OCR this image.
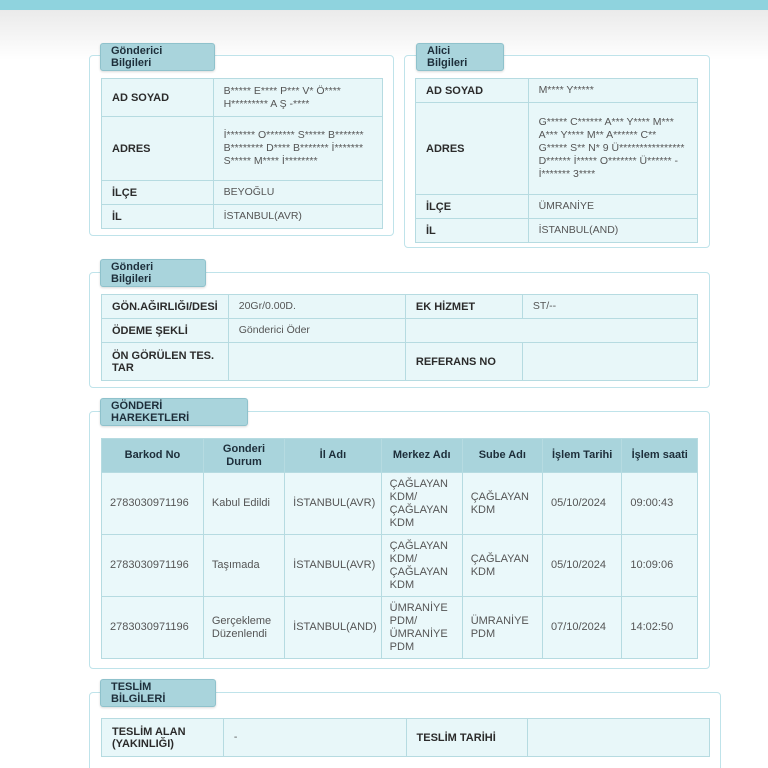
Gönderici Bilgileri
AD SOYAD	B***** E**** P*** V* Ö**** H********* A Ş -****
ADRES	İ******* O******* S***** B******* B******** D**** B******* İ******* S***** M**** İ********
İLÇE	BEYOĞLU
İL	İSTANBUL(AVR)
Alici Bilgileri
AD SOYAD	M**** Y*****
ADRES	G***** C****** A*** Y**** M*** A*** Y**** M** A****** C** G***** S** N* 9 Ü**************** D****** İ***** O******* Ü****** - İ******* 3****
İLÇE	ÜMRANİYE
İL	İSTANBUL(AND)
Gönderi Bilgileri
GÖN.AĞIRLIĞI/DESİ	20Gr/0.00D.	EK HİZMET	ST/--
ÖDEME ŞEKLİ	Gönderici Öder		
ÖN GÖRÜLEN TES. TAR		REFERANS NO	
GÖNDERİ HAREKETLERİ
Barkod No	Gonderi Durum	İl Adı	Merkez Adı	Sube Adı	İşlem Tarihi	İşlem saati
2783030971196	Kabul Edildi	İSTANBUL(AVR)	ÇAĞLAYAN KDM/ ÇAĞLAYAN KDM	ÇAĞLAYAN KDM	05/10/2024	09:00:43
2783030971196	Taşımada	İSTANBUL(AVR)	ÇAĞLAYAN KDM/ ÇAĞLAYAN KDM	ÇAĞLAYAN KDM	05/10/2024	10:09:06
2783030971196	Gerçekleme Düzenlendi	İSTANBUL(AND)	ÜMRANİYE PDM/ ÜMRANİYE PDM	ÜMRANİYE PDM	07/10/2024	14:02:50
TESLİM BİLGİLERİ
TESLİM ALAN (YAKINLIĞI)	-	TESLİM TARİHİ	
